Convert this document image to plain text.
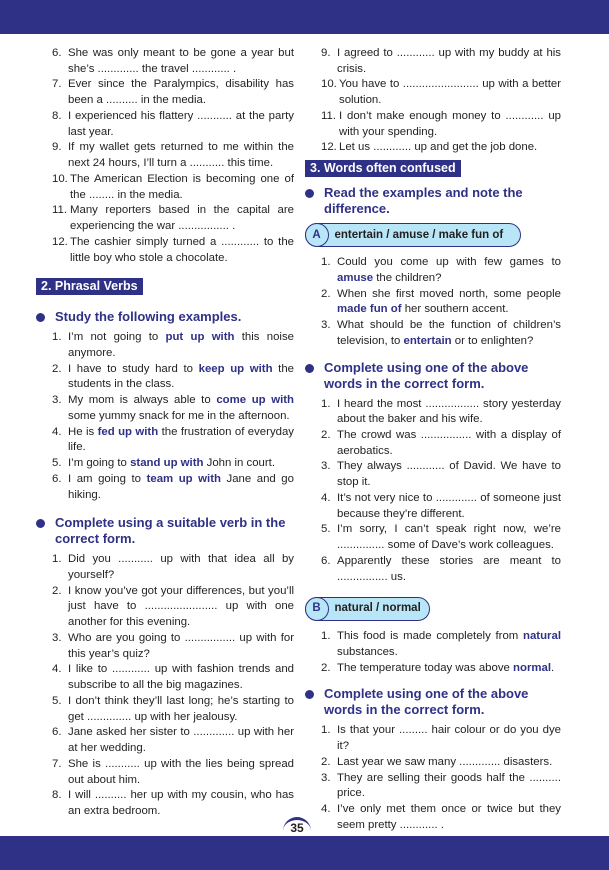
6. She was only meant to be gone a year but she’s ............. the travel ............ .
7. Ever since the Paralympics, disability has been a .......... in the media.
8. I experienced his flattery ........... at the party last year.
9. If my wallet gets returned to me within the next 24 hours, I’ll turn a ........... this time.
10. The American Election is becoming one of the ........ in the media.
11. Many reporters based in the capital are experiencing the war ................ .
12. The cashier simply turned a ............ to the little boy who stole a chocolate.
2. Phrasal Verbs
Study the following examples.
1. I’m not going to put up with this noise anymore.
2. I have to study hard to keep up with the students in the class.
3. My mom is always able to come up with some yummy snack for me in the afternoon.
4. He is fed up with the frustration of everyday life.
5. I’m going to stand up with John in court.
6. I am going to team up with Jane and go hiking.
Complete using a suitable verb in the correct form.
1. Did you ........... up with that idea all by yourself?
2. I know you’ve got your differences, but you’ll just have to ....................... up with one another for this evening.
3. Who are you going to ................ up with for this year’s quiz?
4. I like to ............ up with fashion trends and subscribe to all the big magazines.
5. I don’t think they’ll last long; he’s starting to get .............. up with her jealousy.
6. Jane asked her sister to ............. up with her at her wedding.
7. She is ........... up with the lies being spread out about him.
8. I will .......... her up with my cousin, who has an extra bedroom.
9. I agreed to ............ up with my buddy at his crisis.
10. You have to ........................ up with a better solution.
11. I don’t make enough money to ............ up with your spending.
12. Let us ............ up and get the job done.
3. Words often confused
Read the examples and note the difference.
A	entertain / amuse / make fun of
1. Could you come up with few games to amuse the children?
2. When she first moved north, some people made fun of her southern accent.
3. What should be the function of children’s television, to entertain or to enlighten?
Complete using one of the above words in the correct form.
1. I heard the most ................. story yesterday about the baker and his wife.
2. The crowd was ................ with a display of aerobatics.
3. They always ............ of David. We have to stop it.
4. It’s not very nice to ............. of someone just because they’re different.
5. I’m sorry, I can’t speak right now, we’re ............... some of Dave’s work colleagues.
6. Apparently these stories are meant to ................ us.
B	natural / normal
1. This food is made completely from natural substances.
2. The temperature today was above normal.
Complete using one of the above words in the correct form.
1. Is that your ......... hair colour or do you dye it?
2. Last year we saw many ............. disasters.
3. They are selling their goods half the .......... price.
4. I’ve only met them once or twice but they seem pretty ............ .
35
